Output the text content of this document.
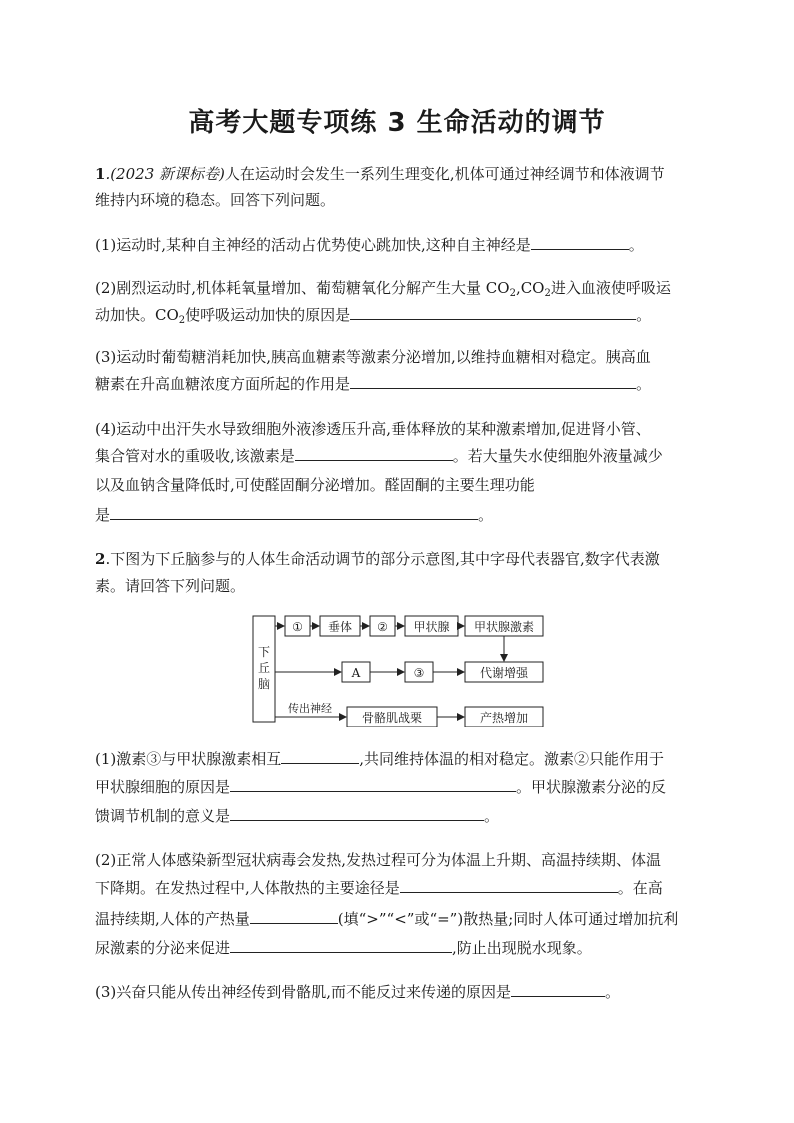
高考大题专项练 3 生命活动的调节
1.(2023 新课标卷)人在运动时会发生一系列生理变化,机体可通过神经调节和体液调节
维持内环境的稳态。回答下列问题。
(1)运动时,某种自主神经的活动占优势使心跳加快,这种自主神经是	。
(2)剧烈运动时,机体耗氧量增加、葡萄糖氧化分解产生大量 $CO_2,CO_2$进入血液使呼吸运
动加快。$CO_2$使呼吸运动加快的原因是	。
(3)运动时葡萄糖消耗加快,胰高血糖素等激素分泌增加,以维持血糖相对稳定。胰高血
糖素在升高血糖浓度方面所起的作用是	。
(4)运动中出汗失水导致细胞外液渗透压升高,垂体释放的某种激素增加,促进肾小管、
集合管对水的重吸收,该激素是	。若大量失水使细胞外液量减少
以及血钠含量降低时,可使醛固酮分泌增加。醛固酮的主要生理功能
是	。
2.下图为下丘脑参与的人体生命活动调节的部分示意图,其中字母代表器官,数字代表激
素。请回答下列问题。
下
丘
脑
① 垂体 ② 甲状腺 甲状腺激素
A	③	代谢增强
传出神经
骨骼肌战栗	产热增加
(1)激素③与甲状腺激素相互	,共同维持体温的相对稳定。激素②只能作用于
甲状腺细胞的原因是	。甲状腺激素分泌的反
馈调节机制的意义是	。
(2)正常人体感染新型冠状病毒会发热,发热过程可分为体温上升期、高温持续期、体温
下降期。在发热过程中,人体散热的主要途径是	。在高
温持续期,人体的产热量	(填“>”“<”或“=”)散热量;同时人体可通过增加抗利
尿激素的分泌来促进	,防止出现脱水现象。
(3)兴奋只能从传出神经传到骨骼肌,而不能反过来传递的原因是	。
